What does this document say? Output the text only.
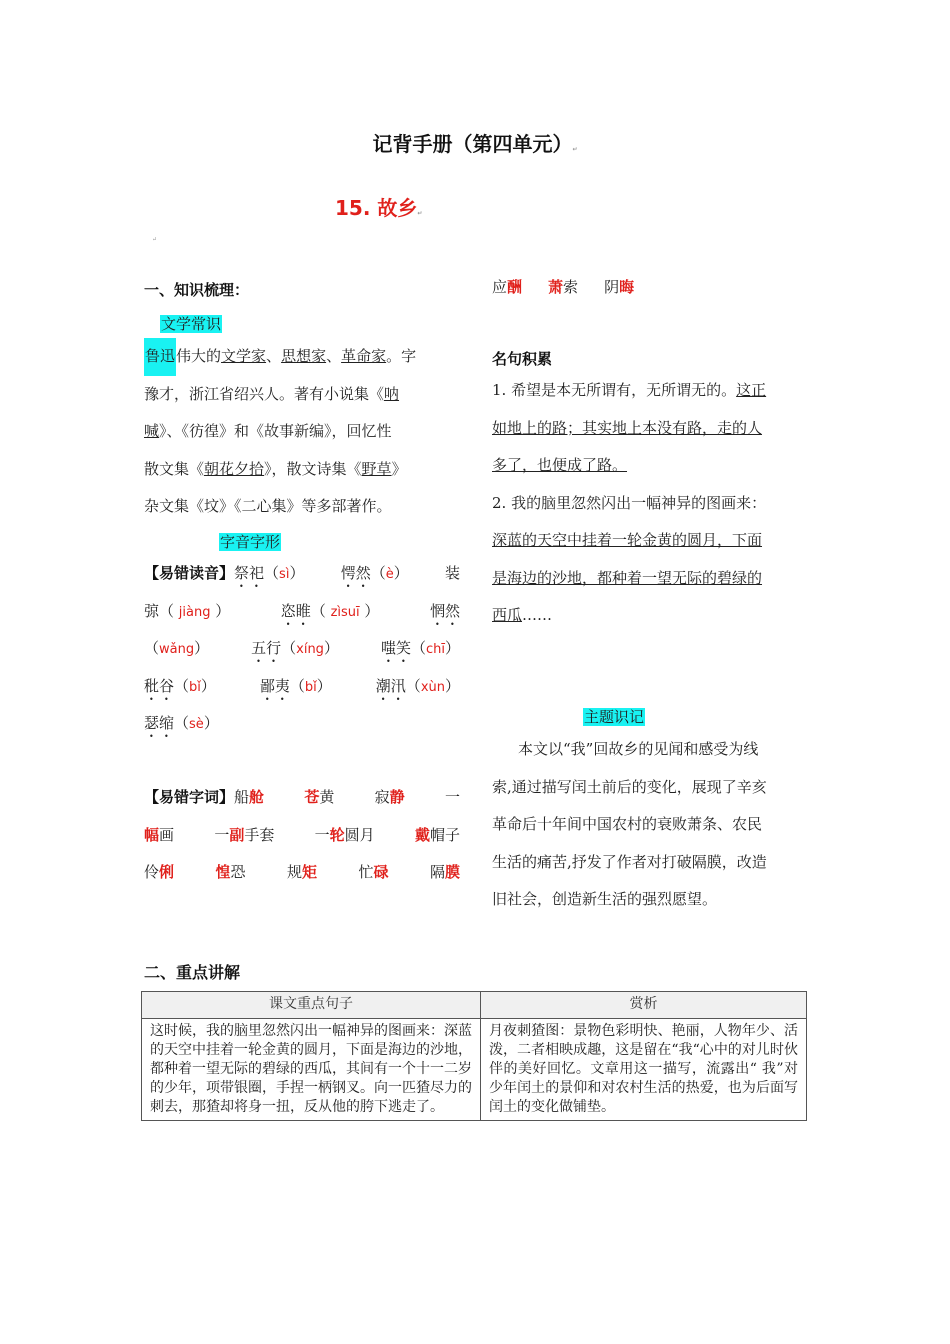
记背手册（第四单元）↵
15. 故乡↵
↵
一、知识梳理：
文学常识
鲁迅 伟大的 文学家 、 思想家 、 革命家 。字
豫才，浙江省绍兴人。著有小说集《 呐
喊 》、《彷徨》和《故事新编》，回忆性
散文集《 朝花夕拾 》，散文诗集《 野草 》
杂文集《坟》《二心集》等多部著作。
字音字形
【易错读音】祭祀（sì） 愕然（è） 装
弶（ jiàng ）	恣睢（ zìsuī ）	惘然
（wǎng）	五行（xíng）	嗤笑（chī）
秕谷（bǐ）	鄙夷（bǐ）	潮汛（xùn）
瑟缩（sè）
【易错字词】船舱	苍黄	寂静	一
幅画	一副手套	一轮圆月	戴帽子
伶俐	惶恐	规矩	忙碌	隔膜
应酬 萧索 阴晦
名句积累
1. 希望是本无所谓有，无所谓无的。 这正
如地上的路；其实地上本没有路，走的人
多了，也便成了路。
2. 我的脑里忽然闪出一幅神异的图画来：
深蓝的天空中挂着一轮金黄的圆月，下面
是海边的沙地，都种着一望无际的碧绿的
西瓜 ……
主题识记
本文以“我”回故乡的见闻和感受为线
索,通过描写闰土前后的变化，展现了辛亥
革命后十年间中国农村的衰败萧条、农民
生活的痛苦,抒发了作者对打破隔膜，改造
旧社会，创造新生活的强烈愿望。
二、重点讲解
课文重点句子	赏析
这时候，我的脑里忽然闪出一幅神异的图画来：深蓝的天空中挂着一轮金黄的圆月，下面是海边的沙地，都种着一望无际的碧绿的西瓜，其间有一个十一二岁的少年，项带银圈，手捏一柄钢叉。向一匹猹尽力的刺去，那猹却将身一扭，反从他的胯下逃走了。	月夜刺猹图：景物色彩明快、艳丽，人物年少、活泼，二者相映成趣，这是留在“我“心中的对儿时伙伴的美好回忆。文章用这一描写，流露出“ 我”对少年闰土的景仰和对农村生活的热爱，也为后面写闰土的变化做铺垫。
